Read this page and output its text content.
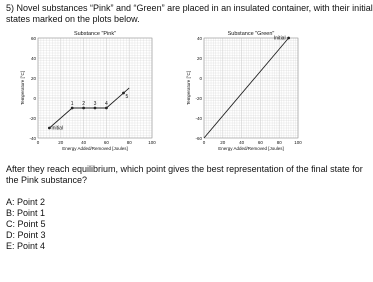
5) Novel substances “Pink” and “Green” are placed in an insulated container, with their initial
states marked on the plots below.
Substance "Pink"
60
40
20
0
-20
-40
0	20	40	60	80	100
Energy Added/Removed [Joules]
Temperature [°C]
Initial
1 2 3 4
5
Substance "Green"
40
20
0
-20
-40
-60
0	20	40	60	80	100
Energy Added/Removed [Joules]
Temperature [°C]
Initial
After they reach equilibrium, which point gives the best representation of the final state for
the Pink substance?
A: Point 2
B: Point 1
C: Point 5
D: Point 3
E: Point 4
